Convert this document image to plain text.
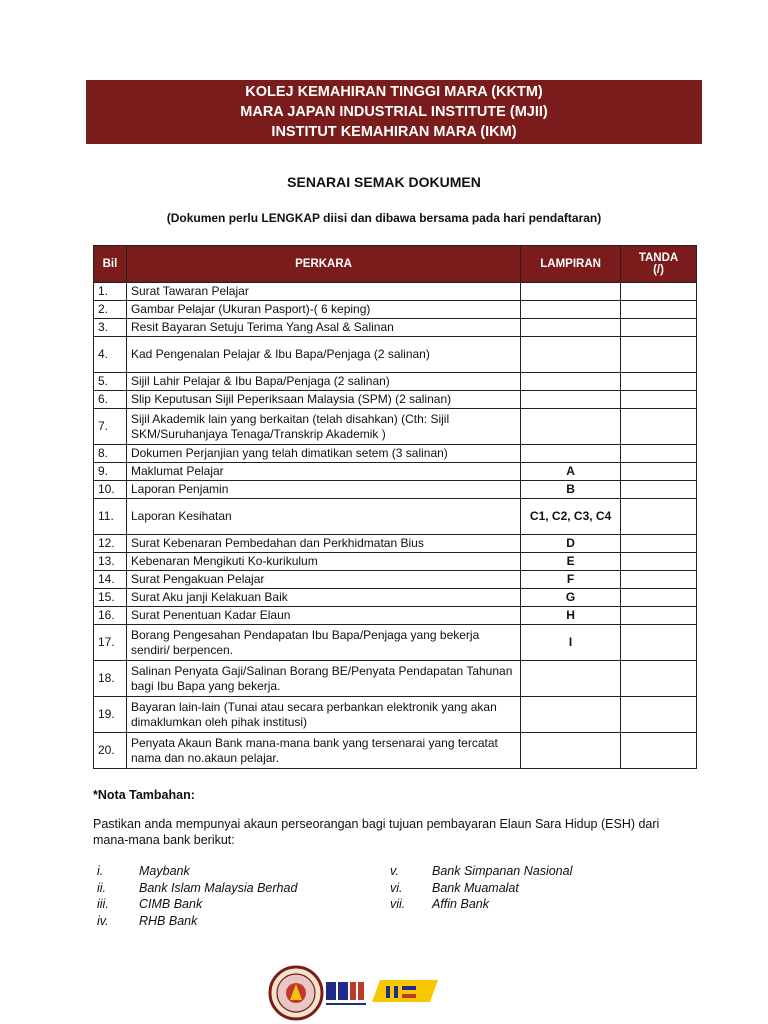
KOLEJ KEMAHIRAN TINGGI MARA (KKTM)
MARA JAPAN INDUSTRIAL INSTITUTE (MJII)
INSTITUT KEMAHIRAN MARA (IKM)
SENARAI SEMAK DOKUMEN
(Dokumen perlu LENGKAP diisi dan dibawa bersama pada hari pendaftaran)
Bil	PERKARA	LAMPIRAN	TANDA
(/)

1.	Surat Tawaran Pelajar		
2.	Gambar Pelajar (Ukuran Pasport)-( 6 keping)		
3.	Resit Bayaran Setuju Terima Yang Asal & Salinan		
4.	Kad Pengenalan Pelajar & Ibu Bapa/Penjaga (2 salinan)		
5.	Sijil Lahir Pelajar & Ibu Bapa/Penjaga (2 salinan)		
6.	Slip Keputusan Sijil Peperiksaan Malaysia (SPM) (2 salinan)		
7.	Sijil Akademik lain yang berkaitan (telah disahkan) (Cth: Sijil SKM/Suruhanjaya Tenaga/Transkrip Akademik )		
8.	Dokumen Perjanjian yang telah dimatikan setem (3 salinan)		
9.	Maklumat Pelajar	A	
10.	Laporan Penjamin	B	
11.	Laporan Kesihatan	C1, C2, C3, C4	
12.	Surat Kebenaran Pembedahan dan Perkhidmatan Bius	D	
13.	Kebenaran Mengikuti Ko-kurikulum	E	
14.	Surat Pengakuan Pelajar	F	
15.	Surat Aku janji Kelakuan Baik	G	
16.	Surat Penentuan Kadar Elaun	H	
17.	Borang Pengesahan Pendapatan Ibu Bapa/Penjaga yang bekerja sendiri/ berpencen.	I	
18.	Salinan Penyata Gaji/Salinan Borang BE/Penyata Pendapatan Tahunan bagi Ibu Bapa yang bekerja.		
19.	Bayaran lain-lain (Tunai atau secara perbankan elektronik yang akan dimaklumkan oleh pihak institusi)		
20.	Penyata Akaun Bank mana-mana bank yang tersenarai yang tercatat nama dan no.akaun pelajar.		
*Nota Tambahan:
Pastikan anda mempunyai akaun perseorangan bagi tujuan pembayaran Elaun Sara Hidup (ESH) dari mana-mana bank berikut:
i.	Maybank
ii.	Bank Islam Malaysia Berhad
iii.	CIMB Bank
iv.	RHB Bank
v.	Bank Simpanan Nasional
vi.	Bank Muamalat
vii.	Affin Bank
